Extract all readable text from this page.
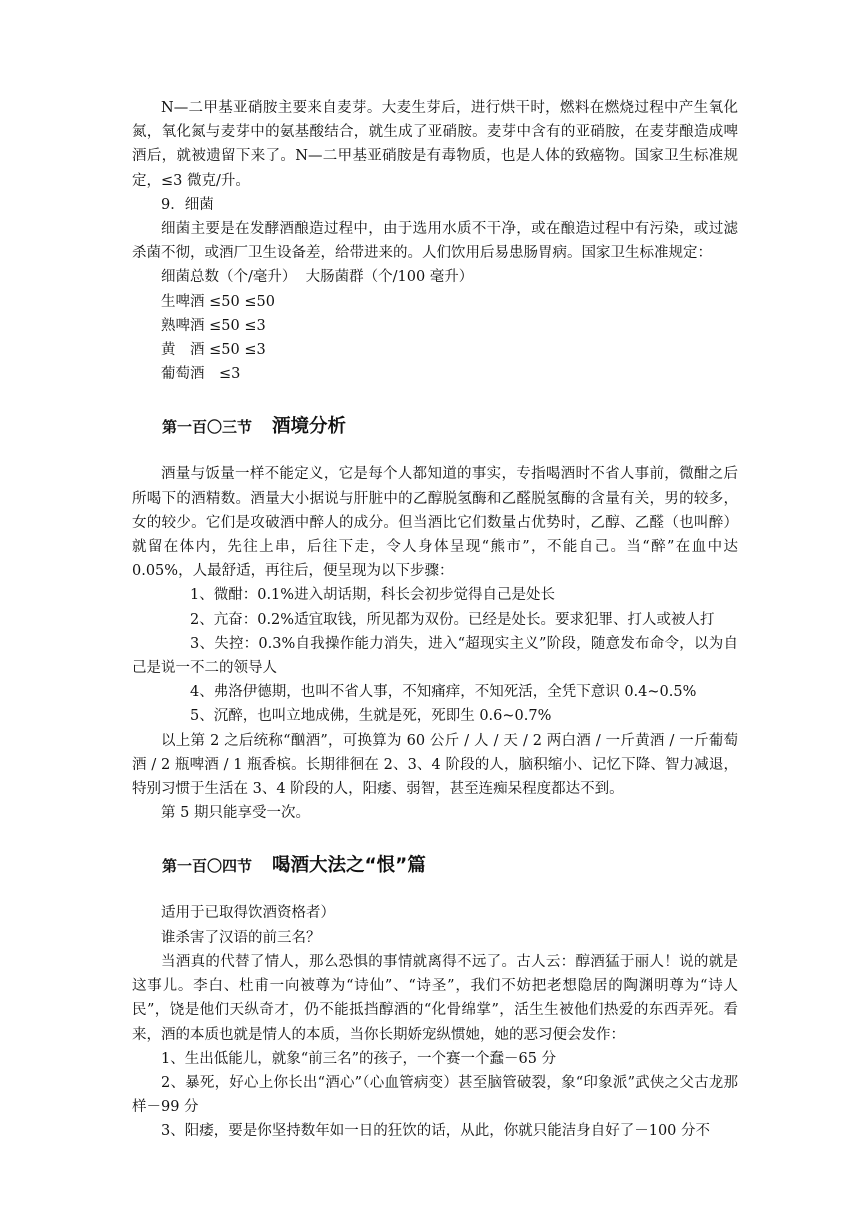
N—二甲基亚硝胺主要来自麦芽。大麦生芽后，进行烘干时，燃料在燃烧过程中产生氧化氮，氧化氮与麦芽中的氨基酸结合，就生成了亚硝胺。麦芽中含有的亚硝胺，在麦芽酿造成啤酒后，就被遗留下来了。N—二甲基亚硝胺是有毒物质，也是人体的致癌物。国家卫生标准规定，≤3 微克/升。

9．细菌

细菌主要是在发酵酒酿造过程中，由于选用水质不干净，或在酿造过程中有污染，或过滤杀菌不彻，或酒厂卫生设备差，给带进来的。人们饮用后易患肠胃病。国家卫生标准规定：

细菌总数（个/毫升）  大肠菌群（个/100 毫升）

生啤酒 ≤50 ≤50

熟啤酒 ≤50 ≤3

黄　酒 ≤50 ≤3

葡萄酒　≤3

第一百〇三节 酒境分析

酒量与饭量一样不能定义，它是每个人都知道的事实，专指喝酒时不省人事前，微酣之后所喝下的酒精数。酒量大小据说与肝脏中的乙醇脱氢酶和乙醛脱氢酶的含量有关，男的较多，女的较少。它们是攻破酒中醉人的成分。但当酒比它们数量占优势时，乙醇、乙醛（也叫醉）就留在体内，先往上串，后往下走，令人身体呈现“熊市”，不能自己。当“醉”在血中达 0.05%，人最舒适，再往后，便呈现为以下步骤：

1、微酣：0.1%进入胡话期，科长会初步觉得自己是处长

2、亢奋：0.2%适宜取钱，所见都为双份。已经是处长。要求犯罪、打人或被人打

3、失控：0.3%自我操作能力消失，进入“超现实主义”阶段，随意发布命令，以为自己是说一不二的领导人

4、弗洛伊德期，也叫不省人事，不知痛痒，不知死活，全凭下意识 0.4~0.5%

5、沉醉，也叫立地成佛，生就是死，死即生 0.6~0.7%

以上第 2 之后统称“酗酒”，可换算为 60 公斤 / 人 / 天 / 2 两白酒 / 一斤黄酒 / 一斤葡萄酒 / 2 瓶啤酒 / 1 瓶香槟。长期徘徊在 2、3、4 阶段的人，脑积缩小、记忆下降、智力减退，特别习惯于生活在 3、4 阶段的人，阳痿、弱智，甚至连痴呆程度都达不到。

第 5 期只能享受一次。

第一百〇四节 喝酒大法之“恨”篇

适用于已取得饮酒资格者）

谁杀害了汉语的前三名？

当酒真的代替了情人，那么恐惧的事情就离得不远了。古人云：醇酒猛于丽人！说的就是这事儿。李白、杜甫一向被尊为“诗仙”、“诗圣”，我们不妨把老想隐居的陶渊明尊为“诗人民”，饶是他们天纵奇才，仍不能抵挡醇酒的“化骨绵掌”，活生生被他们热爱的东西弄死。看来，酒的本质也就是情人的本质，当你长期娇宠纵惯她，她的恶习便会发作：

1、生出低能儿，就象“前三名”的孩子，一个赛一个蠢－65 分

2、暴死，好心上你长出“酒心”（心血管病变）甚至脑管破裂，象“印象派”武侠之父古龙那样－99 分

3、阳痿，要是你坚持数年如一日的狂饮的话，从此，你就只能洁身自好了－100 分不
